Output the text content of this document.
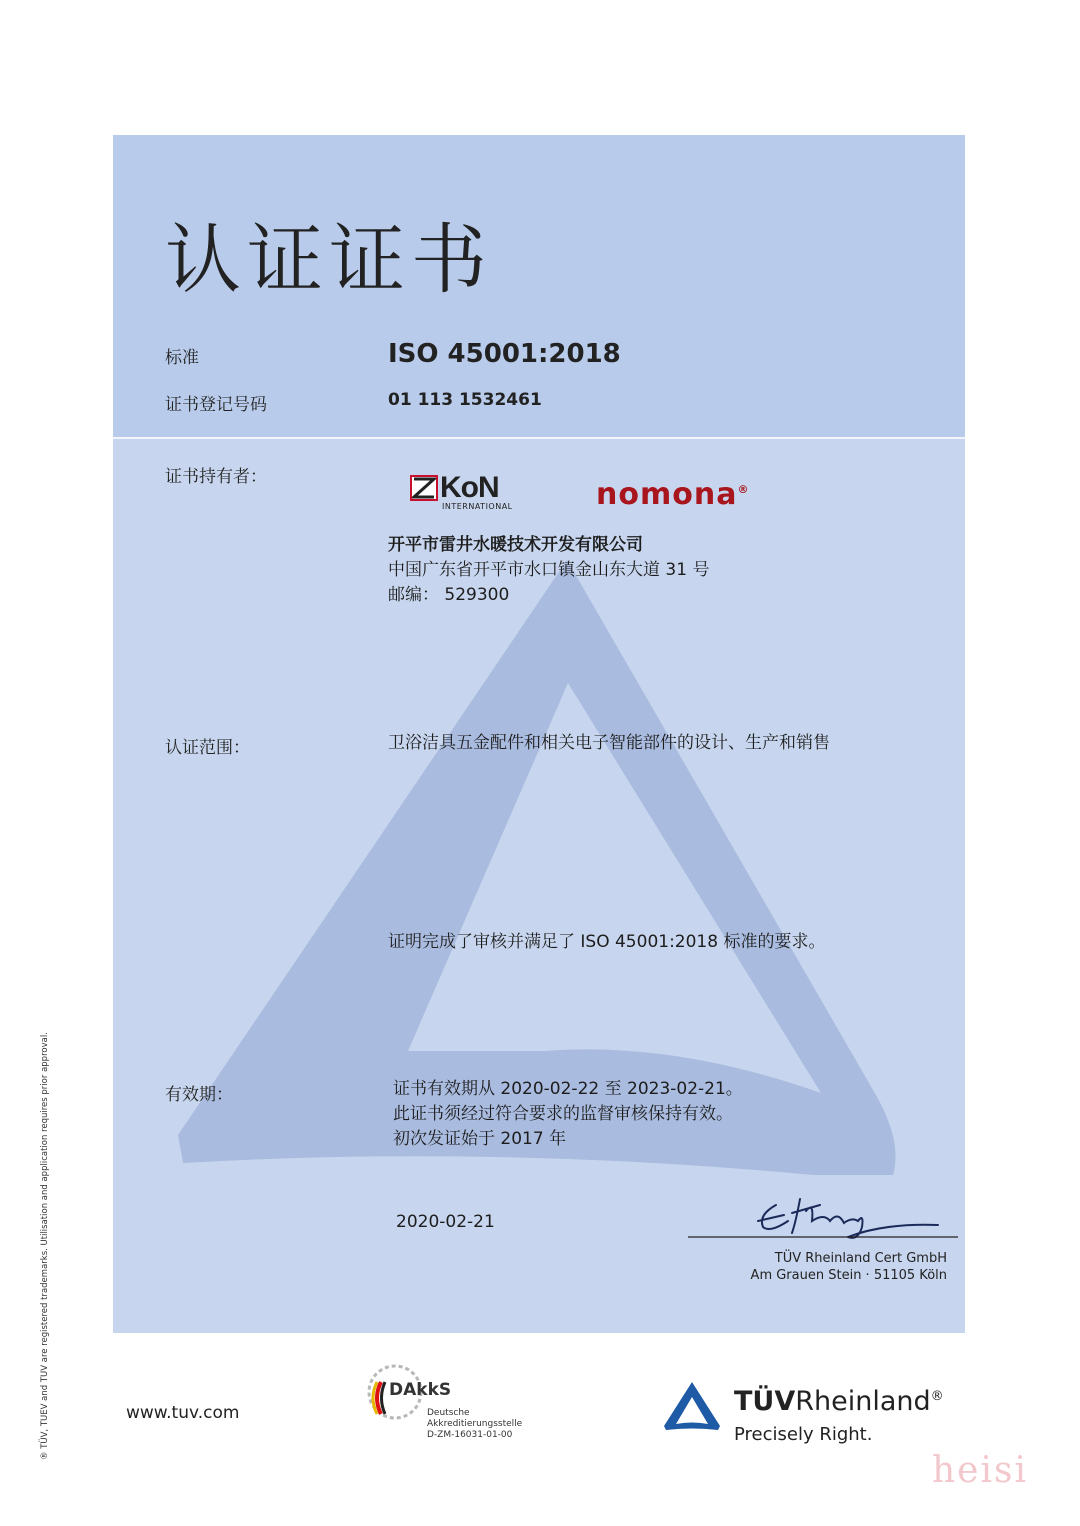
认证证书
标准	ISO 45001:2018
证书登记号码	01 113 1532461
证书持有者：	KoN
INTERNATIONAL	nomona®
开平市雷井水暖技术开发有限公司
中国广东省开平市水口镇金山东大道 31 号
邮编： 529300
认证范围：	卫浴洁具五金配件和相关电子智能部件的设计、生产和销售
证明完成了审核并满足了 ISO 45001:2018 标准的要求。
有效期：	证书有效期从 2020-02-22 至 2023-02-21。
此证书须经过符合要求的监督审核保持有效。
初次发证始于 2017 年
2020-02-21
TÜV Rheinland Cert GmbH
Am Grauen Stein · 51105 Köln
www.tuv.com
DAkkS
Deutsche
Akkreditierungsstelle
D-ZM-16031-01-00
TÜVRheinland®
Precisely Right.
® TÜV, TUEV and TUV are registered trademarks. Utilisation and application requires prior approval.
heisi
